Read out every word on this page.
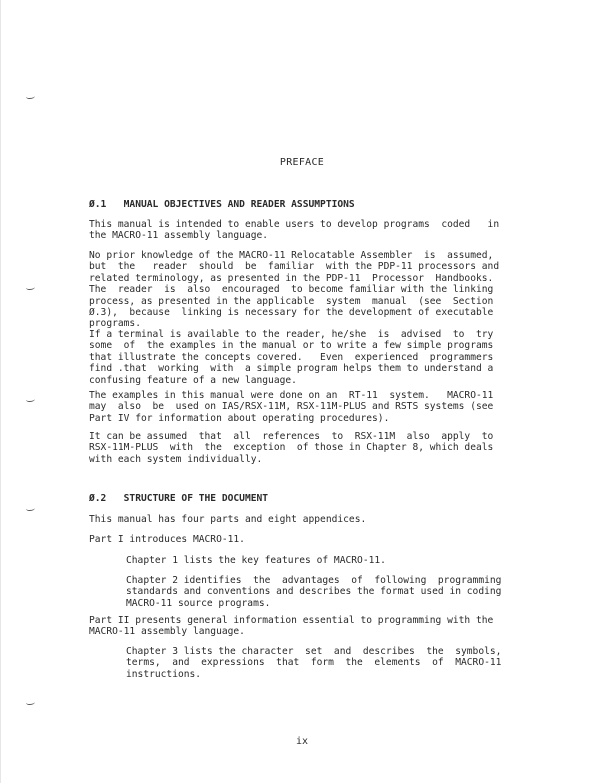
PREFACE
Ø.1   MANUAL OBJECTIVES AND READER ASSUMPTIONS
This manual is intended to enable users to develop programs  coded   in
the MACRO-11 assembly language.
No prior knowledge of the MACRO-11 Relocatable Assembler  is  assumed,
but  the   reader  should  be  familiar  with the PDP-11 processors and
related terminology, as presented in the PDP-11  Processor  Handbooks.
The  reader  is  also  encouraged  to become familiar with the linking
process, as presented in the applicable  system  manual  (see  Section
Ø.3),  because  linking is necessary for the development of executable
programs.
If a terminal is available to the reader, he/she  is  advised  to  try
some  of  the examples in the manual or to write a few simple programs
that illustrate the concepts covered.   Even  experienced  programmers
find .that  working  with  a simple program helps them to understand a
confusing feature of a new language.
The examples in this manual were done on an  RT-11  system.   MACRO-11
may  also  be  used on IAS/RSX-11M, RSX-11M-PLUS and RSTS systems (see
Part IV for information about operating procedures).
It can be assumed  that  all  references  to  RSX-11M  also  apply  to
RSX-11M-PLUS  with  the  exception  of those in Chapter 8, which deals
with each system individually.
Ø.2   STRUCTURE OF THE DOCUMENT
This manual has four parts and eight appendices.
Part I introduces MACRO-11.
Chapter 1 lists the key features of MACRO-11.
Chapter 2 identifies  the  advantages  of  following  programming
standards and conventions and describes the format used in coding
MACRO-11 source programs.
Part II presents general information essential to programming with the
MACRO-11 assembly language.
Chapter 3 lists the character  set  and  describes  the  symbols,
terms,  and  expressions  that  form  the  elements  of  MACRO-11
instructions.
ix
